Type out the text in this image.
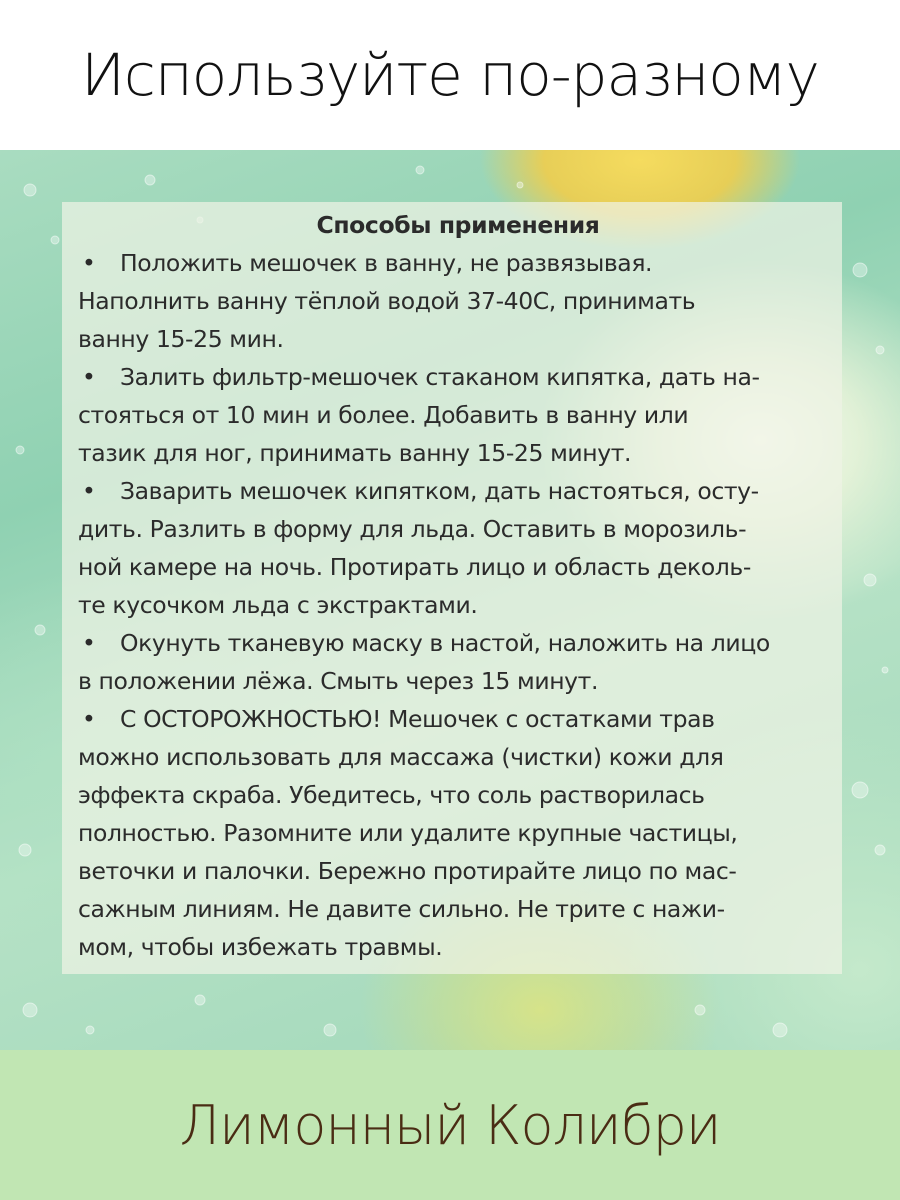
Используйте по-разному

Способы применения

• Положить мешочек в ванну, не развязывая.
Наполнить ванну тёплой водой 37-40С, принимать
ванну 15-25 мин.

• Залить фильтр-мешочек стаканом кипятка, дать на-
стояться от 10 мин и более. Добавить в ванну или
тазик для ног, принимать ванну 15-25 минут.

• Заварить мешочек кипятком, дать настояться, осту-
дить. Разлить в форму для льда. Оставить в морозиль-
ной камере на ночь. Протирать лицо и область деколь-
те кусочком льда с экстрактами.

• Окунуть тканевую маску в настой, наложить на лицо
в положении лёжа. Смыть через 15 минут.

• С ОСТОРОЖНОСТЬЮ! Мешочек с остатками трав
можно использовать для массажа (чистки) кожи для
эффекта скраба. Убедитесь, что соль растворилась
полностью. Разомните или удалите крупные частицы,
веточки и палочки. Бережно протирайте лицо по мас-
сажным линиям. Не давите сильно. Не трите с нажи-
мом, чтобы избежать травмы.

Лимонный Колибри
